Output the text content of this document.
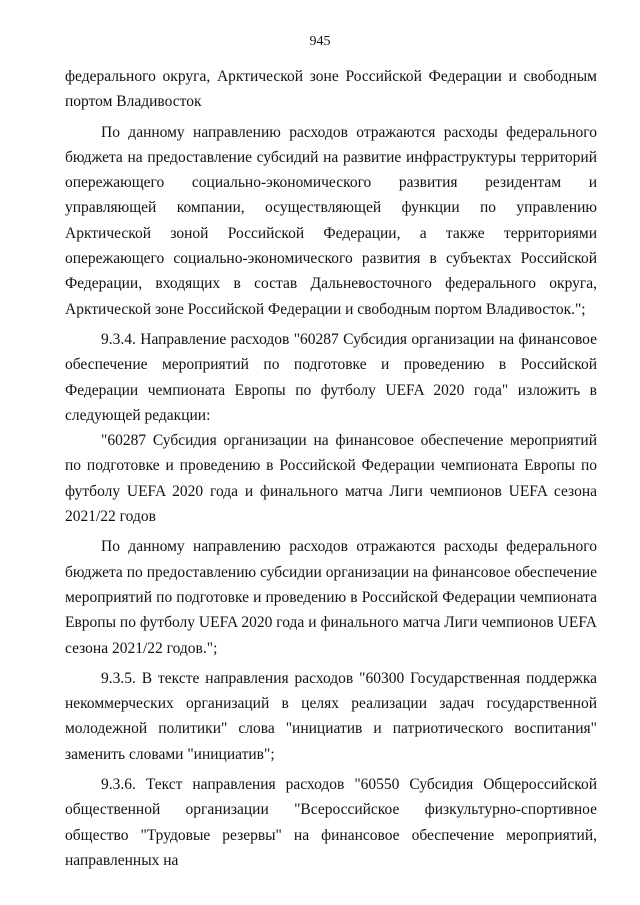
945

федерального округа, Арктической зоне Российской Федерации и свободным портом Владивосток

По данному направлению расходов отражаются расходы федерального бюджета на предоставление субсидий на развитие инфраструктуры территорий опережающего социально-экономического развития резидентам и управляющей компании, осуществляющей функции по управлению Арктической зоной Российской Федерации, а также территориями опережающего социально-экономического развития в субъектах Российской Федерации, входящих в состав Дальневосточного федерального округа, Арктической зоне Российской Федерации и свободным портом Владивосток.";

9.3.4. Направление расходов "60287 Субсидия организации на финансовое обеспечение мероприятий по подготовке и проведению в Российской Федерации чемпионата Европы по футболу UEFA 2020 года" изложить в следующей редакции:

"60287 Субсидия организации на финансовое обеспечение мероприятий по подготовке и проведению в Российской Федерации чемпионата Европы по футболу UEFA 2020 года и финального матча Лиги чемпионов UEFA сезона 2021/22 годов

По данному направлению расходов отражаются расходы федерального бюджета по предоставлению субсидии организации на финансовое обеспечение мероприятий по подготовке и проведению в Российской Федерации чемпионата Европы по футболу UEFA 2020 года и финального матча Лиги чемпионов UEFA сезона 2021/22 годов.";

9.3.5. В тексте направления расходов "60300 Государственная поддержка некоммерческих организаций в целях реализации задач государственной молодежной политики" слова "инициатив и патриотического воспитания" заменить словами "инициатив";

9.3.6. Текст направления расходов "60550 Субсидия Общероссийской общественной организации "Всероссийское физкультурно-спортивное общество "Трудовые резервы" на финансовое обеспечение мероприятий, направленных на
